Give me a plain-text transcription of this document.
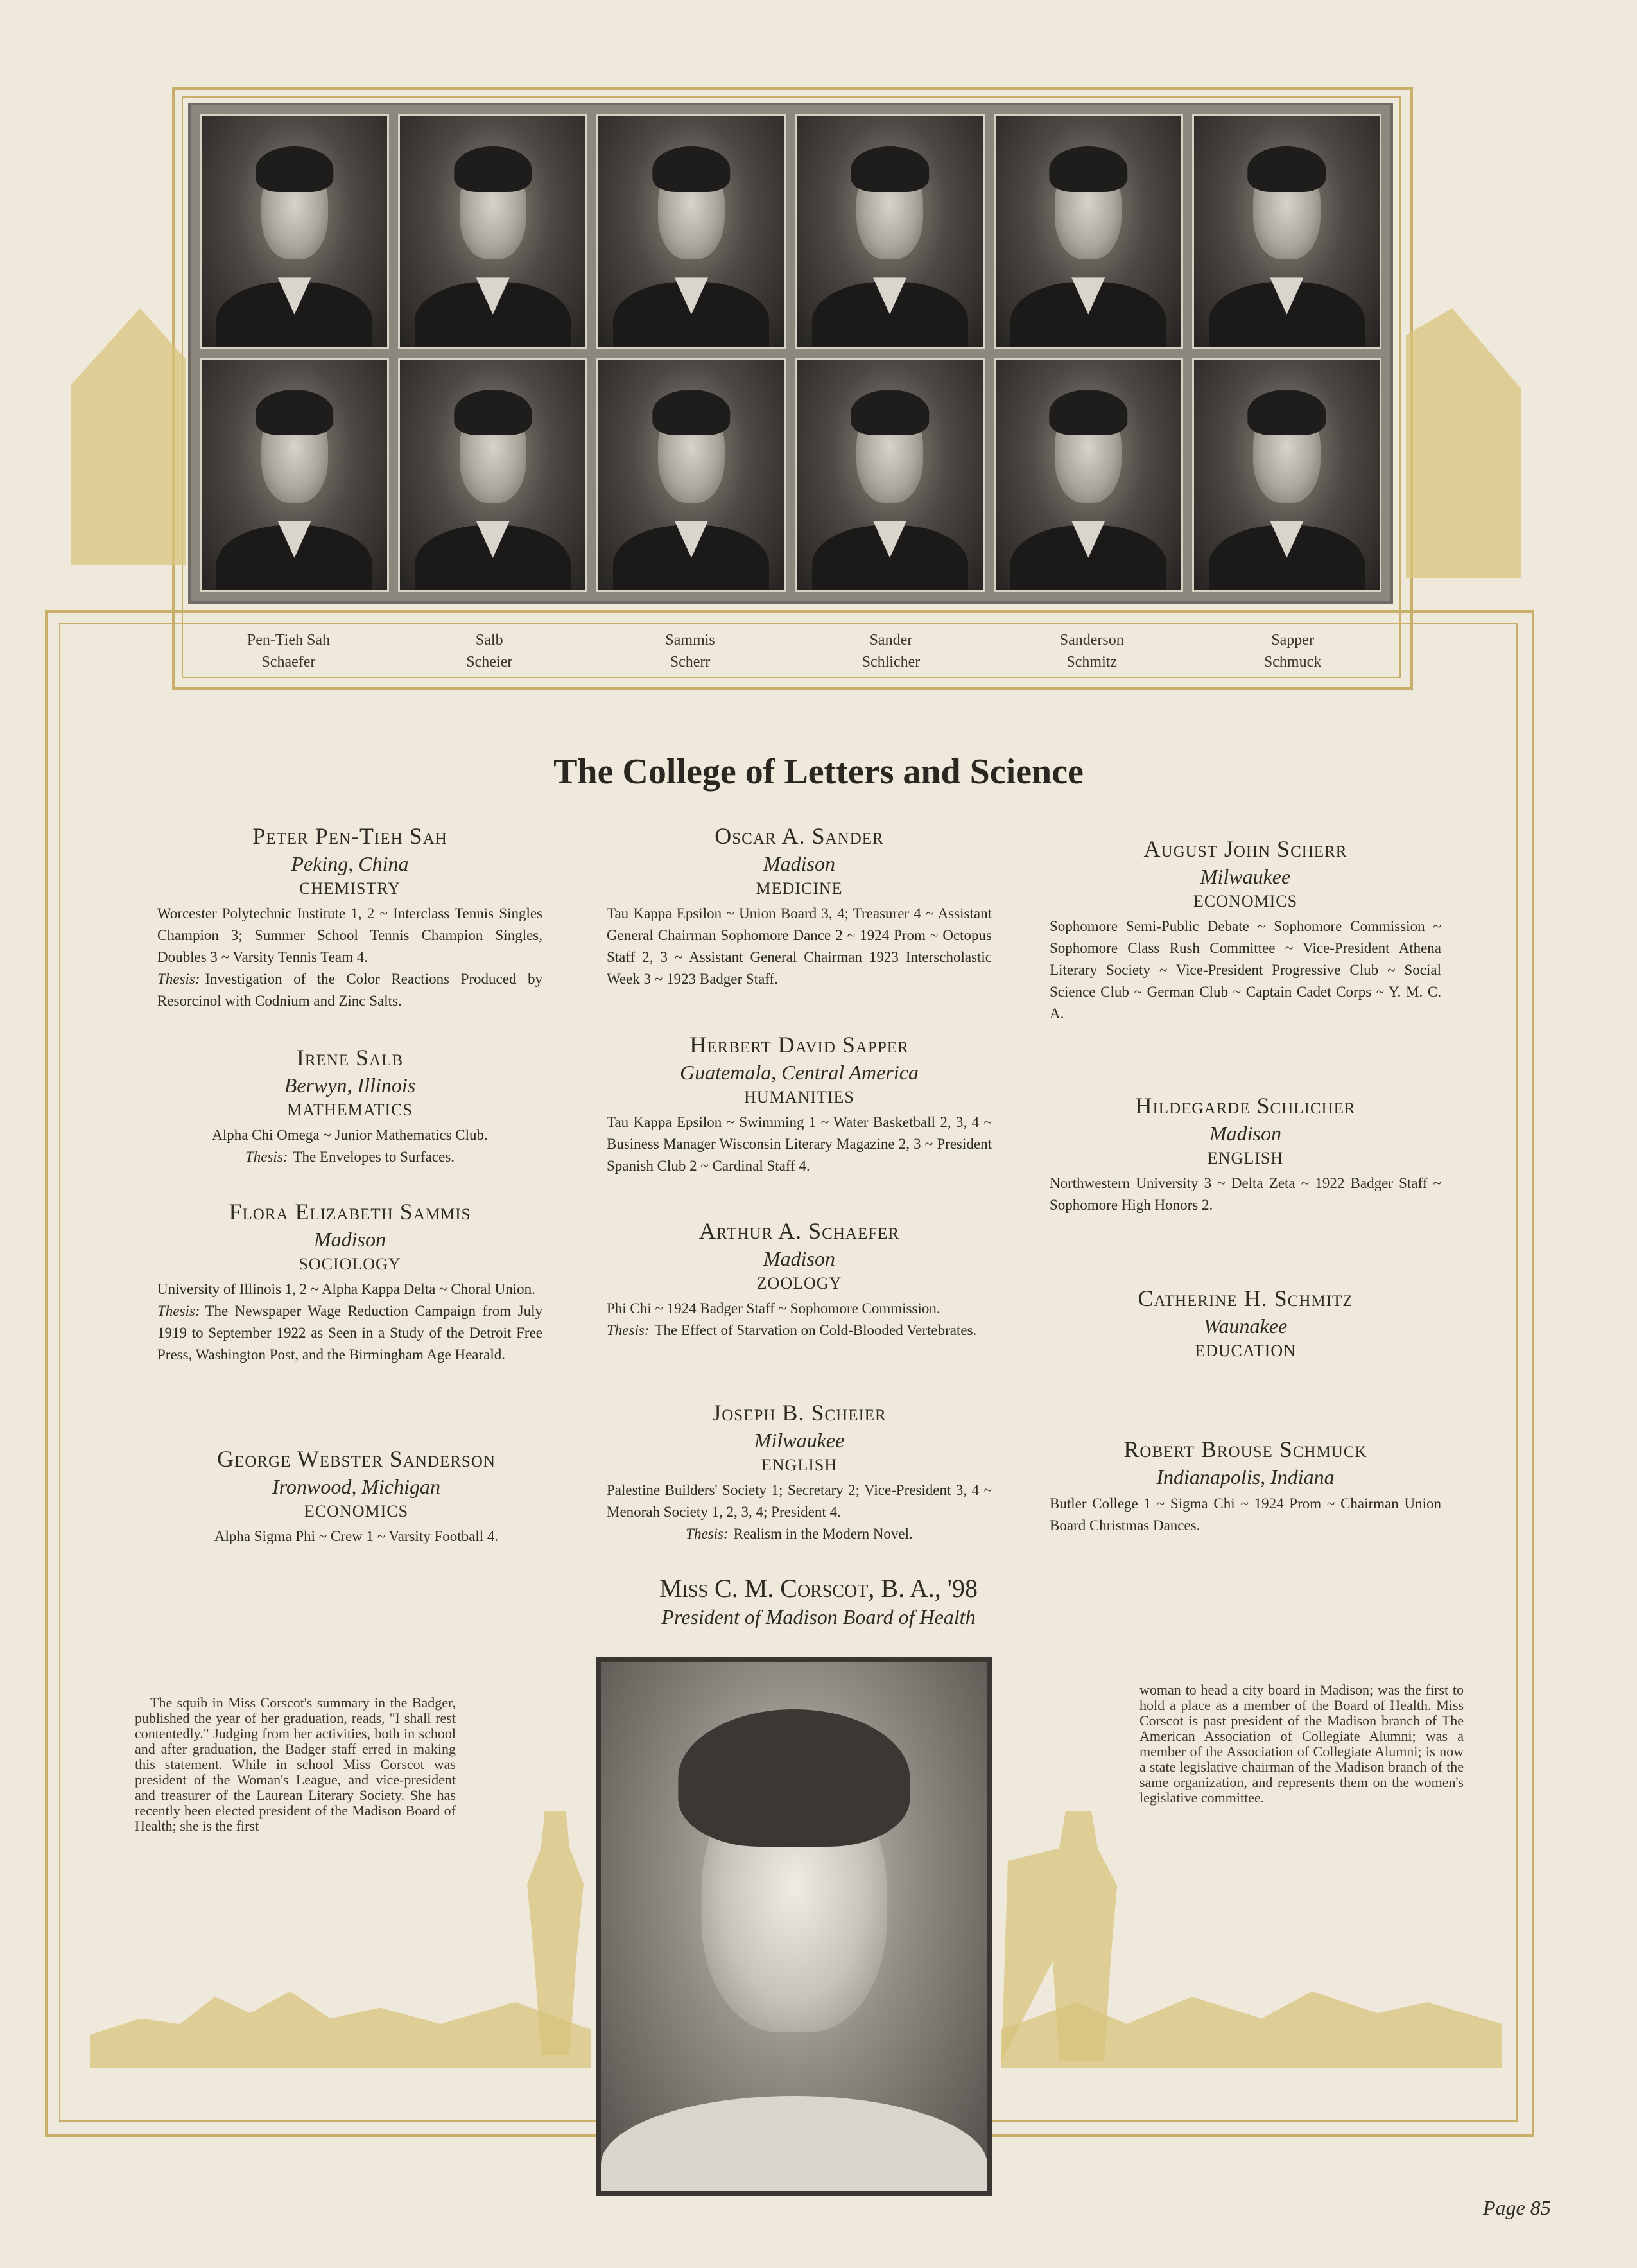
Pen-Tieh Sah
Schaefer
Salb
Scheier
Sammis
Scherr
Sander
Schlicher
Sanderson
Schmitz
Sapper
Schmuck
The College of Letters and Science
Peter Pen-Tieh Sah
Peking, China
CHEMISTRY
Worcester Polytechnic Institute 1, 2 ~ Interclass Tennis Singles Champion 3; Summer School Tennis Champion Singles, Doubles 3 ~ Varsity Tennis Team 4.
Thesis: Investigation of the Color Reactions Produced by Resorcinol with Codnium and Zinc Salts.
Irene Salb
Berwyn, Illinois
MATHEMATICS
Alpha Chi Omega ~ Junior Mathematics Club.
Thesis: The Envelopes to Surfaces.
Flora Elizabeth Sammis
Madison
SOCIOLOGY
University of Illinois 1, 2 ~ Alpha Kappa Delta ~ Choral Union.
Thesis: The Newspaper Wage Reduction Campaign from July 1919 to September 1922 as Seen in a Study of the Detroit Free Press, Washington Post, and the Birmingham Age Hearald.
George Webster Sanderson
Ironwood, Michigan
ECONOMICS
Alpha Sigma Phi ~ Crew 1 ~ Varsity Football 4.
Oscar A. Sander
Madison
MEDICINE
Tau Kappa Epsilon ~ Union Board 3, 4; Treasurer 4 ~ Assistant General Chairman Sophomore Dance 2 ~ 1924 Prom ~ Octopus Staff 2, 3 ~ Assistant General Chairman 1923 Interscholastic Week 3 ~ 1923 Badger Staff.
Herbert David Sapper
Guatemala, Central America
HUMANITIES
Tau Kappa Epsilon ~ Swimming 1 ~ Water Basketball 2, 3, 4 ~ Business Manager Wisconsin Literary Magazine 2, 3 ~ President Spanish Club 2 ~ Cardinal Staff 4.
Arthur A. Schaefer
Madison
ZOOLOGY
Phi Chi ~ 1924 Badger Staff ~ Sophomore Commission.
Thesis: The Effect of Starvation on Cold-Blooded Vertebrates.
Joseph B. Scheier
Milwaukee
ENGLISH
Palestine Builders' Society 1; Secretary 2; Vice-President 3, 4 ~ Menorah Society 1, 2, 3, 4; President 4.
Thesis: Realism in the Modern Novel.
August John Scherr
Milwaukee
ECONOMICS
Sophomore Semi-Public Debate ~ Sophomore Commission ~ Sophomore Class Rush Committee ~ Vice-President Athena Literary Society ~ Vice-President Progressive Club ~ Social Science Club ~ German Club ~ Captain Cadet Corps ~ Y. M. C. A.
Hildegarde Schlicher
Madison
ENGLISH
Northwestern University 3 ~ Delta Zeta ~ 1922 Badger Staff ~ Sophomore High Honors 2.
Catherine H. Schmitz
Waunakee
EDUCATION
Robert Brouse Schmuck
Indianapolis, Indiana
Butler College 1 ~ Sigma Chi ~ 1924 Prom ~ Chairman Union Board Christmas Dances.
Miss C. M. Corscot, B. A., '98
President of Madison Board of Health
The squib in Miss Corscot's summary in the Badger, published the year of her graduation, reads, "I shall rest contentedly." Judging from her activities, both in school and after graduation, the Badger staff erred in making this statement. While in school Miss Corscot was president of the Woman's League, and vice-president and treasurer of the Laurean Literary Society. She has recently been elected president of the Madison Board of Health; she is the first
woman to head a city board in Madison; was the first to hold a place as a member of the Board of Health. Miss Corscot is past president of the Madison branch of The American Association of Collegiate Alumni; was a member of the Association of Collegiate Alumni; is now a state legislative chairman of the Madison branch of the same organization, and represents them on the women's legislative committee.
Page 85
